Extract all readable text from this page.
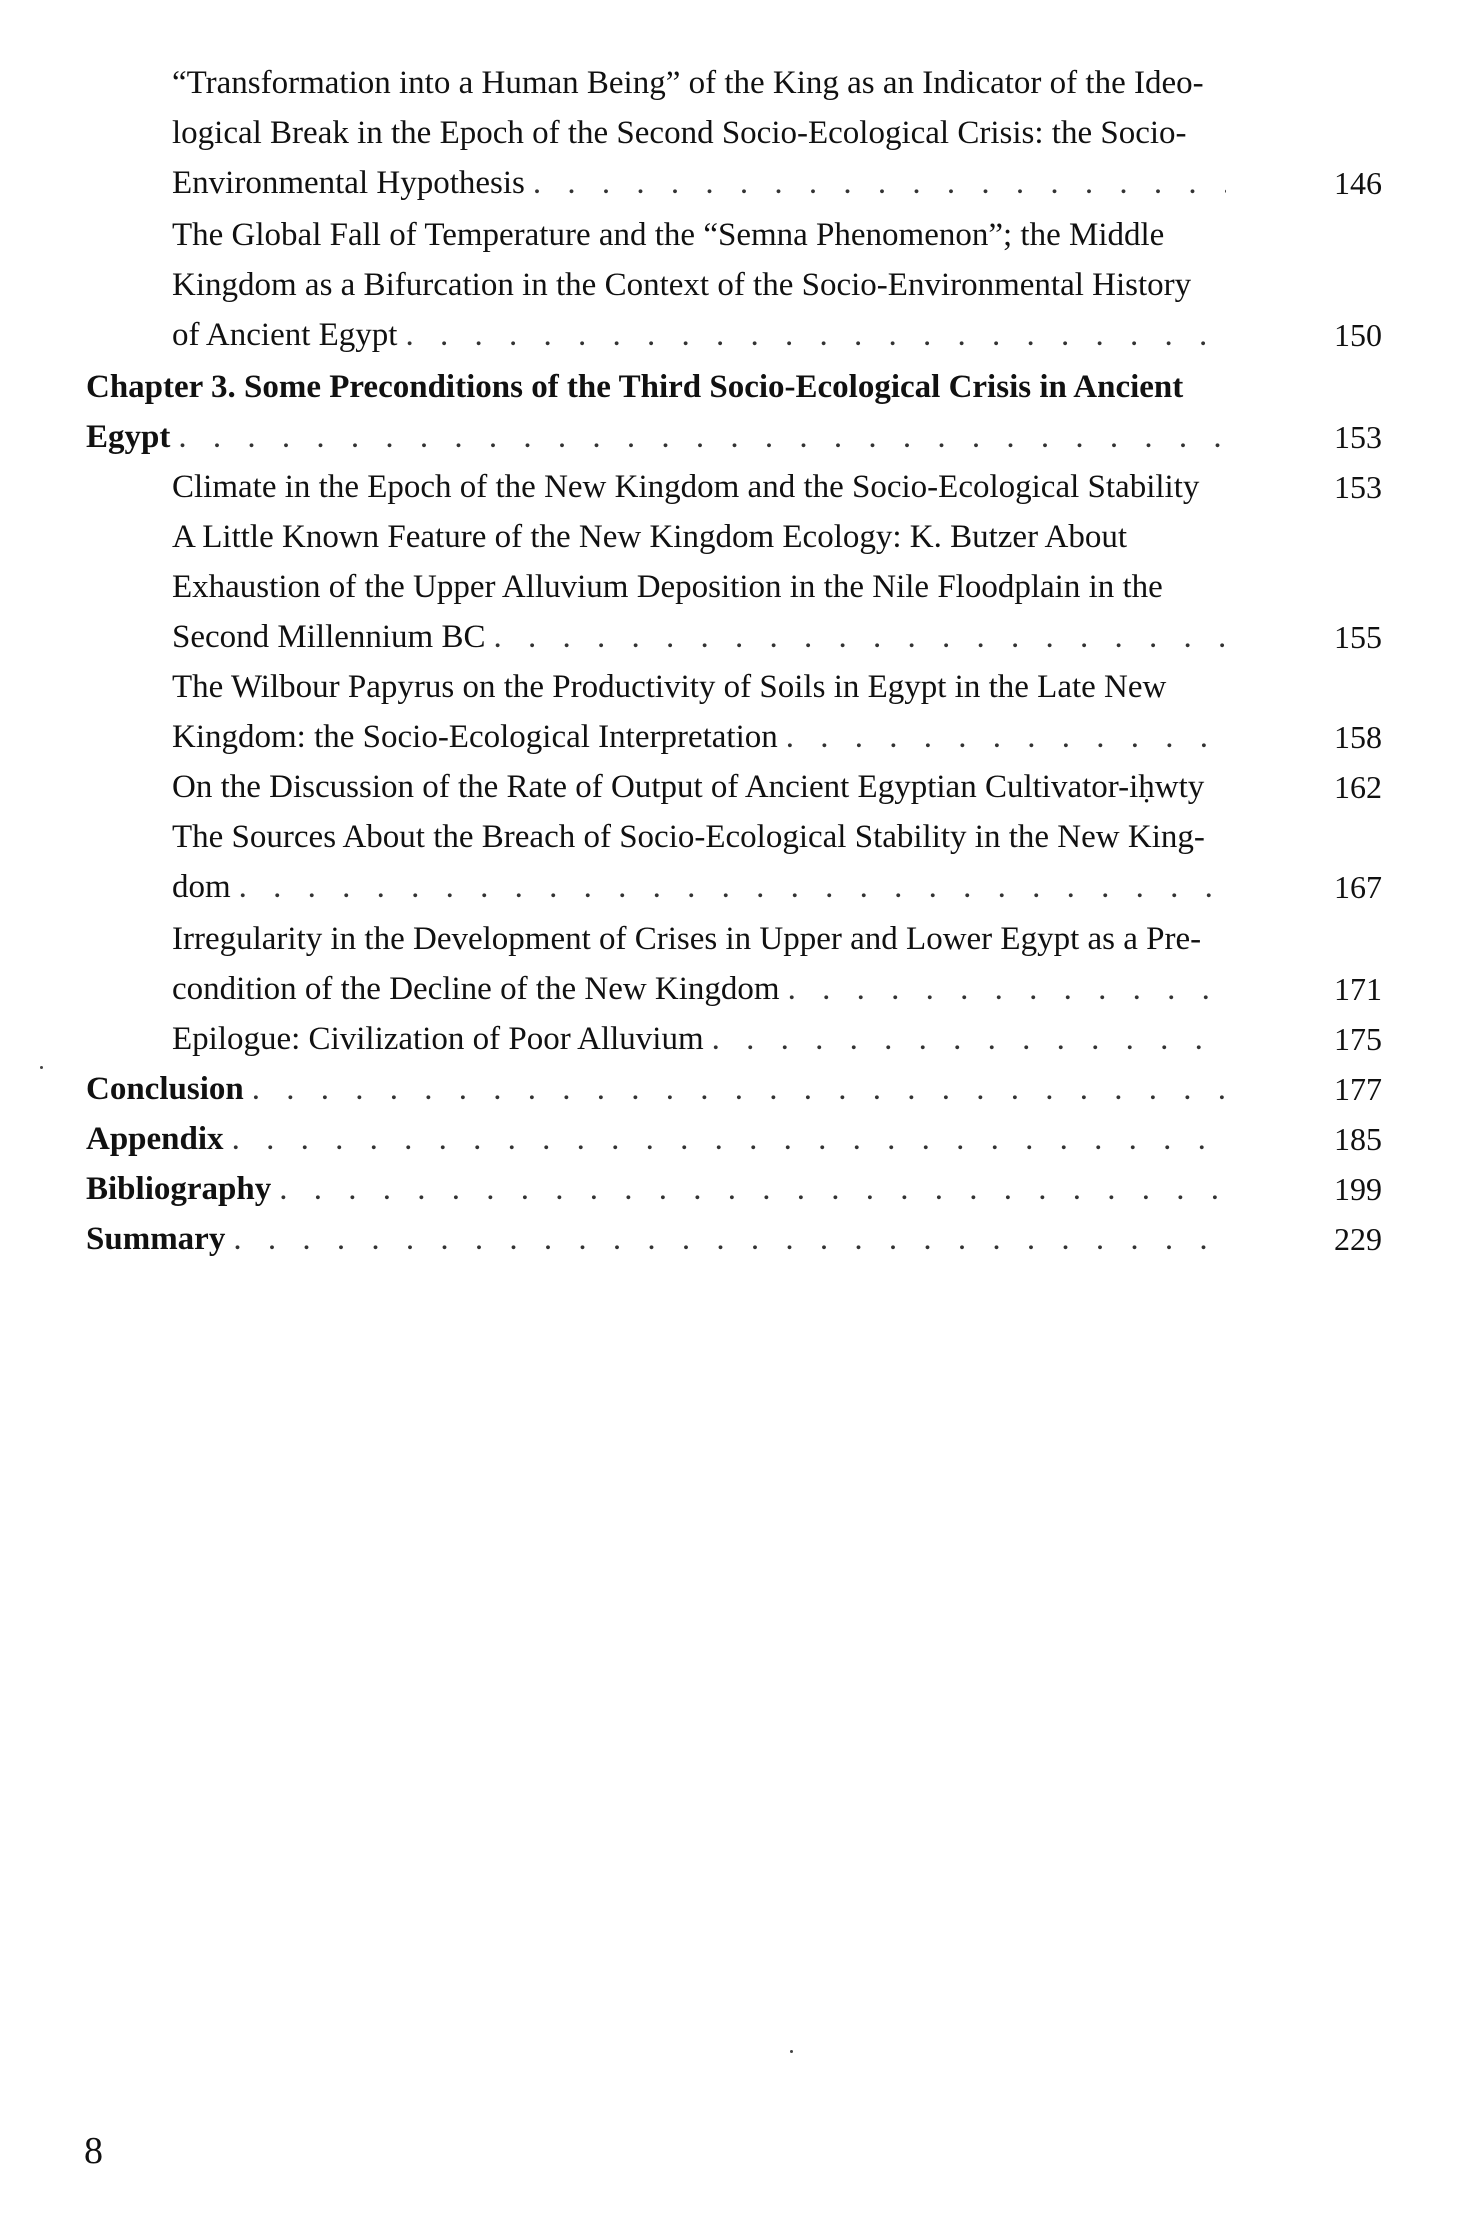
“Transformation into a Human Being” of the King as an Indicator of the Ideo-
logical Break in the Epoch of the Second Socio-Ecological Crisis: the Socio-
Environmental Hypothesis . . .	146
The Global Fall of Temperature and the “Semna Phenomenon”; the Middle
Kingdom as a Bifurcation in the Context of the Socio-Environmental History
of Ancient Egypt . . .	150
Chapter 3. Some Preconditions of the Third Socio-Ecological Crisis in Ancient
Egypt . . .	153
Climate in the Epoch of the New Kingdom and the Socio-Ecological Stability	153
A Little Known Feature of the New Kingdom Ecology: K. Butzer About
Exhaustion of the Upper Alluvium Deposition in the Nile Floodplain in the
Second Millennium BC . . .	155
The Wilbour Papyrus on the Productivity of Soils in Egypt in the Late New
Kingdom: the Socio-Ecological Interpretation . . .	158
On the Discussion of the Rate of Output of Ancient Egyptian Cultivator-iḥwty	162
The Sources About the Breach of Socio-Ecological Stability in the New King-
dom . . .	167
Irregularity in the Development of Crises in Upper and Lower Egypt as a Pre-
condition of the Decline of the New Kingdom . . .	171
Epilogue: Civilization of Poor Alluvium . . .	175
Conclusion . . .	177
Appendix . . .	185
Bibliography . . .	199
Summary . . .	229
8
